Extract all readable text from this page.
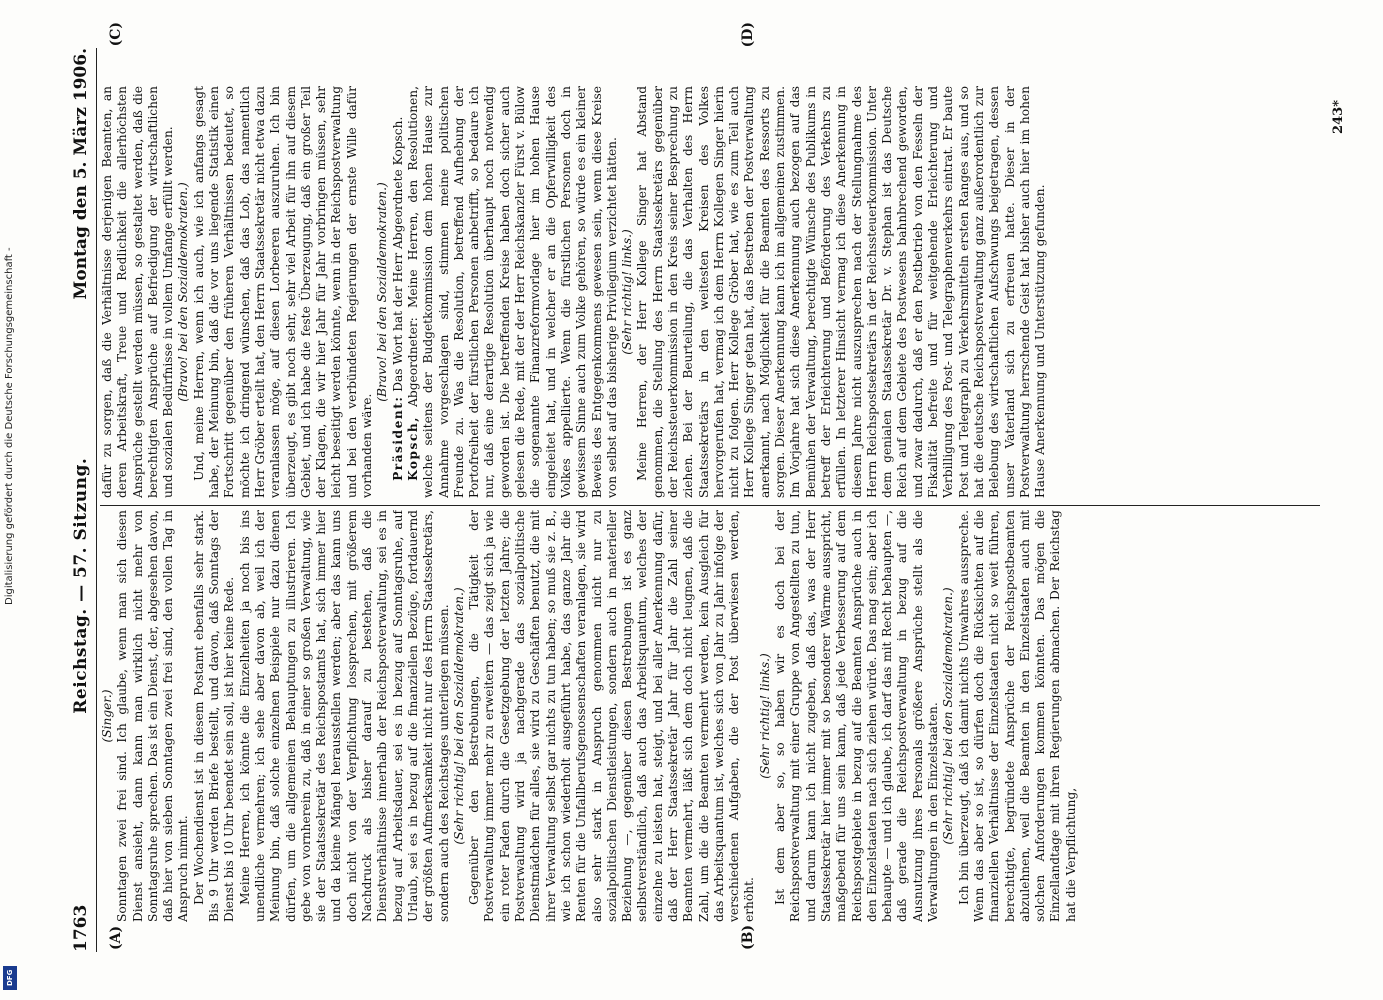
1763
Reichstag. — 57. Sitzung.
Montag den 5. März 1906.
(A)	(B)
(C)	(D)

(Singer.) Sonntagen zwei frei sind. Ich glaube, wenn man sich diesen Dienst ansieht, dann kann man wirklich nicht mehr von Sonntagsruhe sprechen. Das ist ein Dienst, der, abgesehen davon, daß hier von sieben Sonntagen zwei frei sind, den vollen Tag in Anspruch nimmt. Der Wochendienst ist in diesem Postamt ebenfalls sehr stark. Bis 9 Uhr werden Briefe bestellt, und davon, daß Sonntags der Dienst bis 10 Uhr beendet sein soll, ist hier keine Rede. Meine Herren, ich könnte die Einzelheiten ja noch bis ins unendliche vermehren; ich sehe aber davon ab, weil ich der Meinung bin, daß solche einzelnen Beispiele nur dazu dienen dürfen, um die allgemeinen Behauptungen zu illustrieren. Ich gebe von vornherein zu, daß in einer so großen Verwaltung, wie sie der Staatssekretär des Reichspostamts hat, sich immer hier und da kleine Mängel herausstellen werden; aber das kann uns doch nicht von der Verpflichtung lossprechen, mit größerem Nachdruck als bisher darauf zu bestehen, daß die Dienstverhältnisse innerhalb der Reichspostverwaltung, sei es in bezug auf Arbeitsdauer, sei es in bezug auf Sonntagsruhe, auf Urlaub, sei es in bezug auf die finanziellen Bezüge, fortdauernd der größten Aufmerksamkeit nicht nur des Herrn Staatssekretärs, sondern auch des Reichstages unterliegen müssen. (Sehr richtig! bei den Sozialdemokraten.) Gegenüber den Bestrebungen, die Tätigkeit der Postverwaltung immer mehr zu erweitern — das zeigt sich ja wie ein roter Faden durch die Gesetzgebung der letzten Jahre; die Postverwaltung wird ja nachgerade das sozialpolitische Dienstmädchen für alles, sie wird zu Geschäften benutzt, die mit ihrer Verwaltung selbst gar nichts zu tun haben; so muß sie z. B., wie ich schon wiederholt ausgeführt habe, das ganze Jahr die Renten für die Unfallberufsgenossenschaften veranlagen, sie wird also sehr stark in Anspruch genommen nicht nur zu sozialpolitischen Dienstleistungen, sondern auch in materieller Beziehung —, gegenüber diesen Bestrebungen ist es ganz selbstverständlich, daß auch das Arbeitsquantum, welches der einzelne zu leisten hat, steigt, und bei aller Anerkennung dafür, daß der Herr Staatssekretär Jahr für Jahr die Zahl seiner Beamten vermehrt, läßt sich dem doch nicht leugnen, daß die Zahl, um die die Beamten vermehrt werden, kein Ausgleich für das Arbeitsquantum ist, welches sich von Jahr zu Jahr infolge der verschiedenen Aufgaben, die der Post überwiesen werden, erhöht.

(Sehr richtig! links.) Ist dem aber so, so haben wir es doch bei der Reichspostverwaltung mit einer Gruppe von Angestellten zu tun, und darum kann ich nicht zugeben, daß das, was der Herr Staatssekretär hier immer mit so besonderer Wärme ausspricht, maßgebend für uns sein kann, daß jede Verbesserung auf dem Reichspostgebiete in bezug auf die Beamten Ansprüche auch in den Einzelstaaten nach sich ziehen würde. Das mag sein; aber ich behaupte — und ich glaube, ich darf das mit Recht behaupten —, daß gerade die Reichspostverwaltung in bezug auf die Ausnutzung ihres Personals größere Ansprüche stellt als die Verwaltungen in den Einzelstaaten. (Sehr richtig! bei den Sozialdemokraten.) Ich bin überzeugt, daß ich damit nichts Unwahres ausspreche. Wenn das aber so ist, so dürfen doch die Rücksichten auf die finanziellen Verhältnisse der Einzelstaaten nicht so weit führen, berechtigte, begründete Ansprüche der Reichspostbeamten abzulehnen, weil die Beamten in den Einzelstaaten auch mit solchen Anforderungen kommen könnten. Das mögen die Einzellandtage mit ihren Regierungen abmachen. Der Reichstag hat die Verpflichtung,

dafür zu sorgen, daß die Verhältnisse derjenigen Beamten, an deren Arbeitskraft, Treue und Redlichkeit die allerhöchsten Ansprüche gestellt werden müssen, so gestaltet werden, daß die berechtigten Ansprüche auf Befriedigung der wirtschaftlichen und sozialen Bedürfnisse in vollem Umfange erfüllt werden. (Bravo! bei den Sozialdemokraten.) Und, meine Herren, wenn ich auch, wie ich anfangs gesagt habe, der Meinung bin, daß die vor uns liegende Statistik einen Fortschritt gegenüber den früheren Verhältnissen bedeutet, so möchte ich dringend wünschen, daß das Lob, das namentlich Herr Gröber erteilt hat, den Herrn Staatssekretär nicht etwa dazu veranlassen möge, auf diesen Lorbeeren auszuruhen. Ich bin überzeugt, es gibt noch sehr, sehr viel Arbeit für ihn auf diesem Gebiet, und ich habe die feste Überzeugung, daß ein großer Teil der Klagen, die wir hier Jahr für Jahr vorbringen müssen, sehr leicht beseitigt werden könnte, wenn in der Reichspostverwaltung und bei den verbündeten Regierungen der ernste Wille dafür vorhanden wäre.

(Bravo! bei den Sozialdemokraten.)

Präsident: Das Wort hat der Herr Abgeordnete Kopsch.

Kopsch, Abgeordneter: Meine Herren, den Resolutionen, welche seitens der Budgetkommission dem hohen Hause zur Annahme vorgeschlagen sind, stimmen meine politischen Freunde zu. Was die Resolution, betreffend Aufhebung der Portofreiheit der fürstlichen Personen anbetrifft, so bedaure ich nur, daß eine derartige Resolution überhaupt noch notwendig geworden ist. Die betreffenden Kreise haben doch sicher auch gelesen die Rede, mit der der Herr Reichskanzler Fürst v. Bülow die sogenannte Finanzreformvorlage hier im hohen Hause eingeleitet hat, und in welcher er an die Opferwilligkeit des Volkes appellierte. Wenn die fürstlichen Personen doch in gewissem Sinne auch zum Volke gehören, so würde es ein kleiner Beweis des Entgegenkommens gewesen sein, wenn diese Kreise von selbst auf das bisherige Privilegium verzichtet hätten. (Sehr richtig! links.) Meine Herren, der Herr Kollege Singer hat Abstand genommen, die Stellung des Herrn Staatssekretärs gegenüber der Reichssteuerkommission in den Kreis seiner Besprechung zu ziehen. Bei der Beurteilung, die das Verhalten des Herrn Staatssekretärs in den weitesten Kreisen des Volkes hervorgerufen hat, vermag ich dem Herrn Kollegen Singer hierin nicht zu folgen. Herr Kollege Gröber hat, wie es zum Teil auch Herr Kollege Singer getan hat, das Bestreben der Postverwaltung anerkannt, nach Möglichkeit für die Beamten des Ressorts zu sorgen. Dieser Anerkennung kann ich im allgemeinen zustimmen. Im Vorjahre hat sich diese Anerkennung auch bezogen auf das Bemühen der Verwaltung, berechtigte Wünsche des Publikums in betreff der Erleichterung und Beförderung des Verkehrs zu erfüllen. In letzterer Hinsicht vermag ich diese Anerkennung in diesem Jahre nicht auszusprechen nach der Stellungnahme des Herrn Reichspostsekretärs in der Reichssteuerkommission. Unter dem genialen Staatssekretär Dr. v. Stephan ist das Deutsche Reich auf dem Gebiete des Postwesens bahnbrechend geworden, und zwar dadurch, daß er den Postbetrieb von den Fesseln der Fiskalität befreite und für weitgehende Erleichterung und Verbilligung des Post- und Telegraphenverkehrs eintrat. Er baute Post und Telegraph zu Verkehrsmitteln ersten Ranges aus, und so hat die deutsche Reichspostverwaltung ganz außerordentlich zur Belebung des wirtschaftlichen Aufschwungs beigetragen, dessen unser Vaterland sich zu erfreuen hatte. Dieser in der Postverwaltung herrschende Geist hat bisher auch hier im hohen Hause Anerkennung und Unterstützung gefunden.

243*
Digitalisierung gefördert durch die Deutsche Forschungsgemeinschaft -
DFG
